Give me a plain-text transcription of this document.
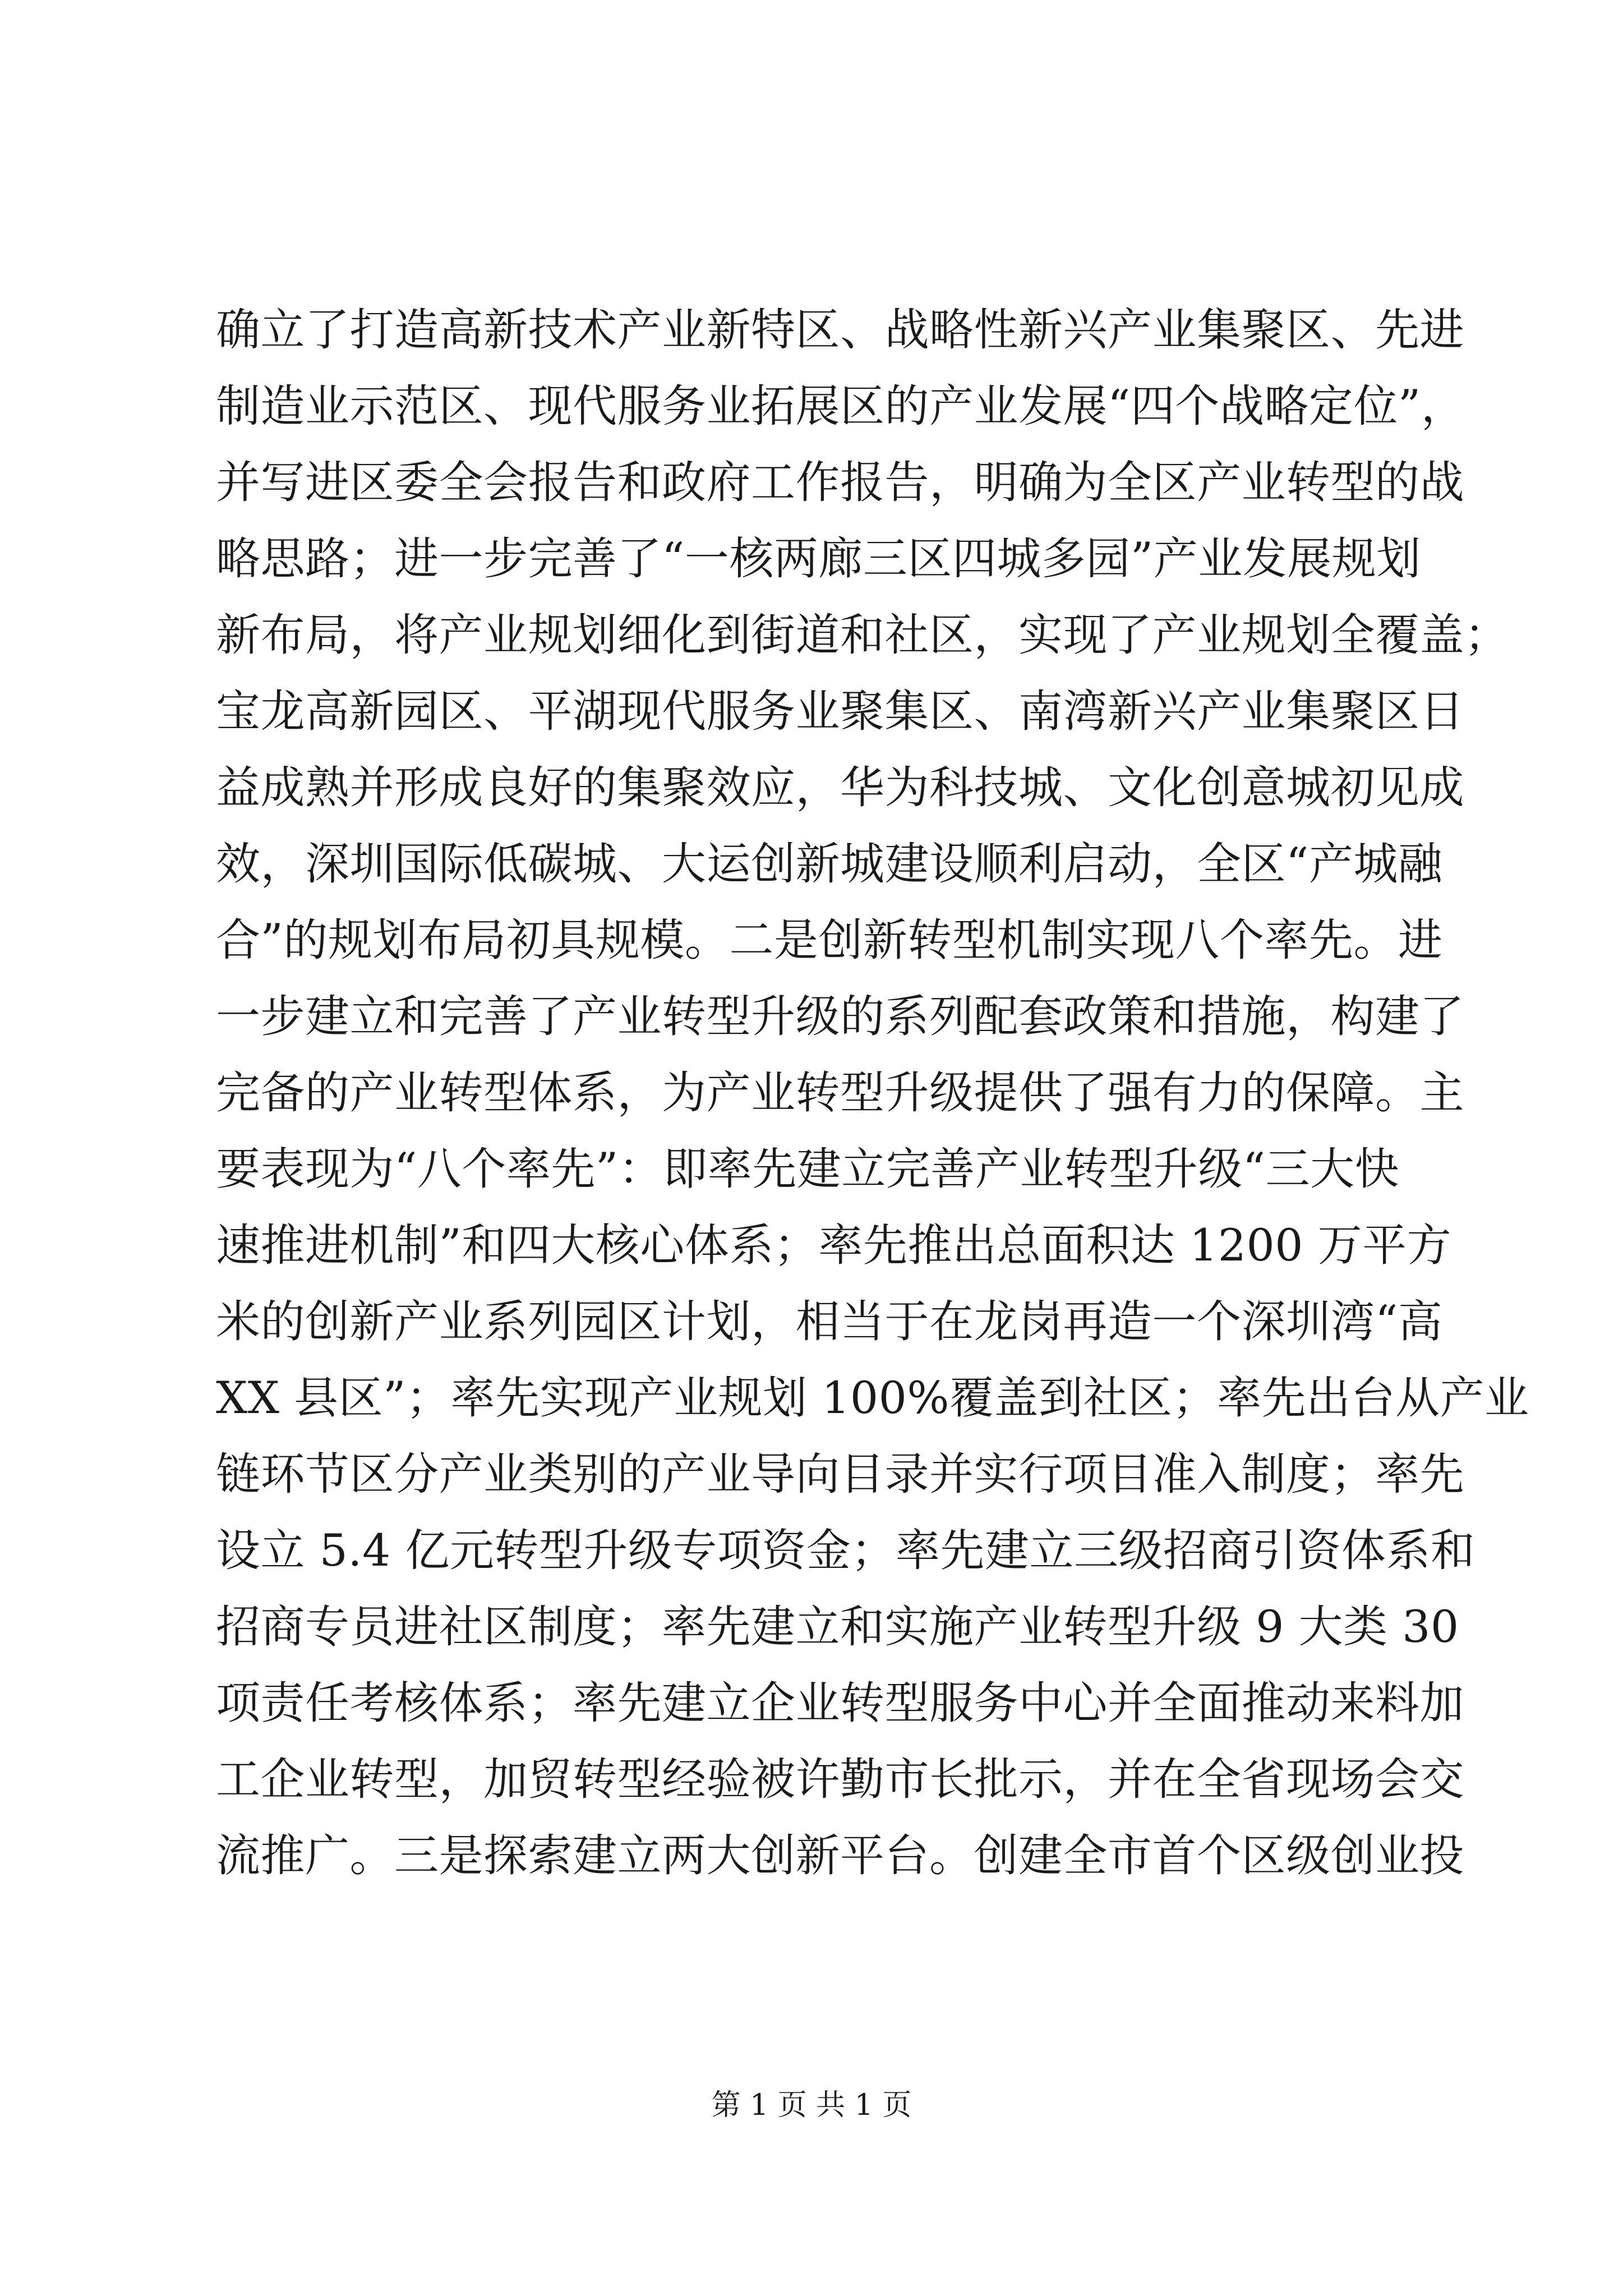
确立了打造高新技术产业新特区、战略性新兴产业集聚区、先进
制造业示范区、现代服务业拓展区的产业发展“四个战略定位”，
并写进区委全会报告和政府工作报告，明确为全区产业转型的战
略思路；进一步完善了“一核两廊三区四城多园”产业发展规划
新布局，将产业规划细化到街道和社区，实现了产业规划全覆盖；
宝龙高新园区、平湖现代服务业聚集区、南湾新兴产业集聚区日
益成熟并形成良好的集聚效应，华为科技城、文化创意城初见成
效，深圳国际低碳城、大运创新城建设顺利启动，全区“产城融
合”的规划布局初具规模。二是创新转型机制实现八个率先。进
一步建立和完善了产业转型升级的系列配套政策和措施，构建了
完备的产业转型体系，为产业转型升级提供了强有力的保障。主
要表现为“八个率先”：即率先建立完善产业转型升级“三大快
速推进机制”和四大核心体系；率先推出总面积达 1200 万平方
米的创新产业系列园区计划，相当于在龙岗再造一个深圳湾“高
XX 县区”；率先实现产业规划 100%覆盖到社区；率先出台从产业
链环节区分产业类别的产业导向目录并实行项目准入制度；率先
设立 5.4 亿元转型升级专项资金；率先建立三级招商引资体系和
招商专员进社区制度；率先建立和实施产业转型升级 9 大类 30
项责任考核体系；率先建立企业转型服务中心并全面推动来料加
工企业转型，加贸转型经验被许勤市长批示，并在全省现场会交
流推广。三是探索建立两大创新平台。创建全市首个区级创业投
第 1 页 共 1 页
